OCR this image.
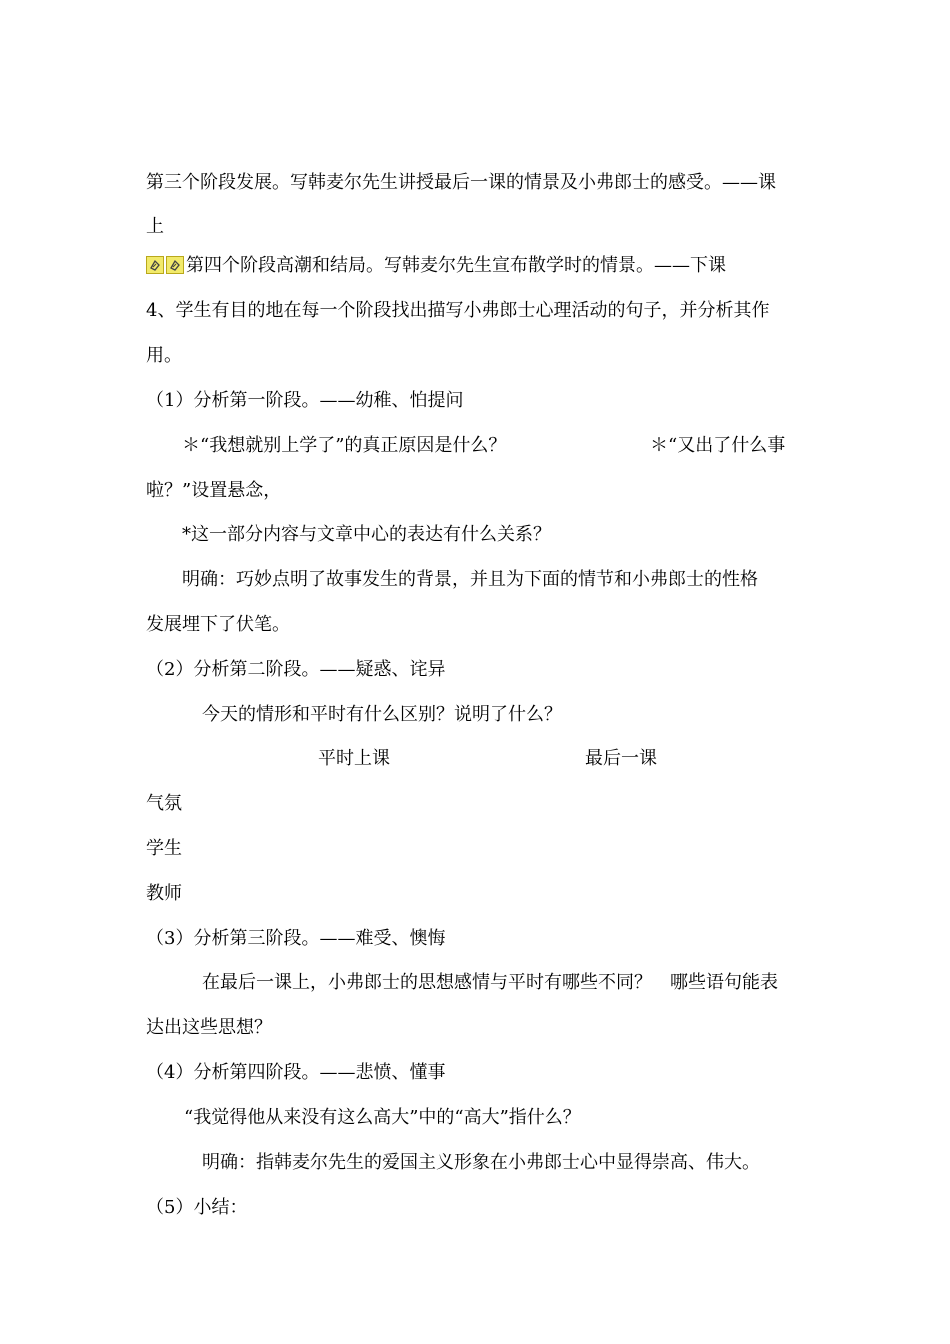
第三个阶段发展。写韩麦尔先生讲授最后一课的情景及小弗郎士的感受。——课
上
第四个阶段高潮和结局。写韩麦尔先生宣布散学时的情景。——下课
4、学生有目的地在每一个阶段找出描写小弗郎士心理活动的句子，并分析其作
用。
（1）分析第一阶段。——幼稚、怕提问
＊“我想就别上学了”的真正原因是什么？	＊“又出了什么事
啦？”设置悬念，
*这一部分内容与文章中心的表达有什么关系？
明确：巧妙点明了故事发生的背景，并且为下面的情节和小弗郎士的性格
发展埋下了伏笔。
（2）分析第二阶段。——疑惑、诧异
今天的情形和平时有什么区别？说明了什么？
平时上课	最后一课
气氛
学生
教师
（3）分析第三阶段。——难受、懊悔
在最后一课上，小弗郎士的思想感情与平时有哪些不同？　哪些语句能表
达出这些思想？
（4）分析第四阶段。——悲愤、懂事
“我觉得他从来没有这么高大”中的“高大”指什么？
明确：指韩麦尔先生的爱国主义形象在小弗郎士心中显得崇高、伟大。
（5）小结：
